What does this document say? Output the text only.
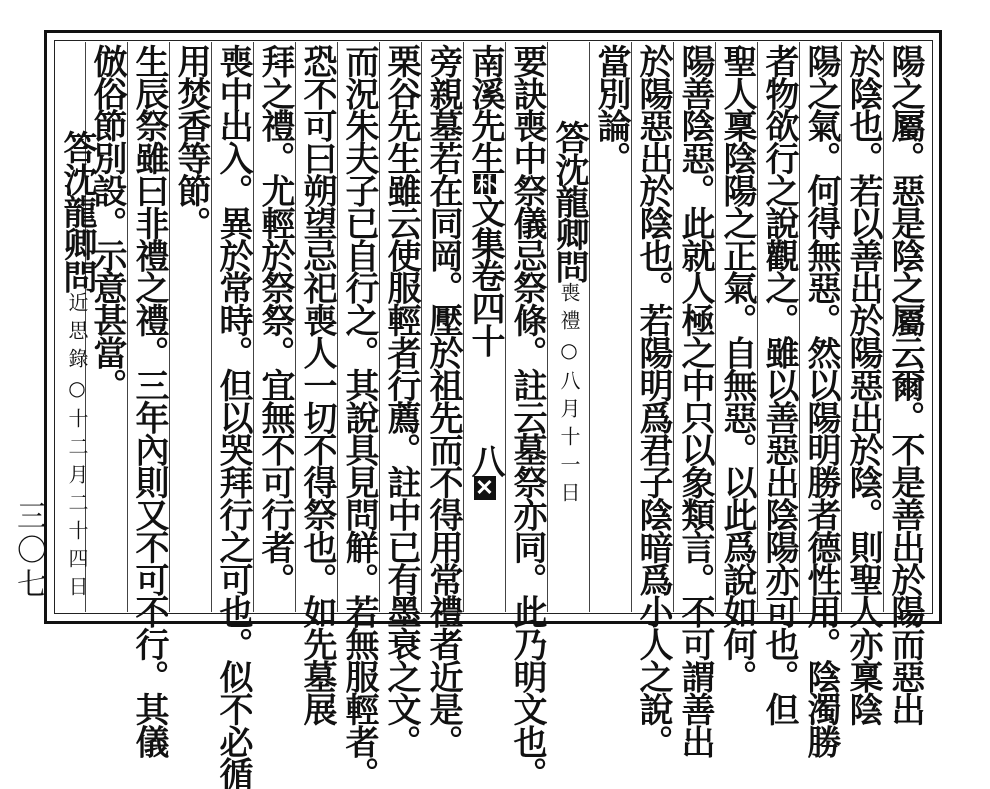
三〇七	陽之屬。惡是陰之屬云爾。不是善出於陽而惡出
於陰也。若以善出於陽惡出於陰。則聖人亦稟陰
陽之氣。何得無惡。然以陽明勝者德性用。陰濁勝
者物欲行之說觀之。雖以善惡出陰陽亦可也。但
聖人稟陰陽之正氣。自無惡。以此爲說如何。
陽善陰惡。此就人極之中只以象類言。不可謂善出
於陽惡出於陰也。若陽明爲君子陰暗爲小人之說。
當別論。
答沈龍卿問喪禮○八月十一日
要訣喪中祭儀忌祭條。註云墓祭亦同。此乃明文也。
南溪先生朴文集卷四十八✕
旁親墓若在同岡。壓於祖先而不得用常禮者近是。
栗谷先生雖云使服輕者行薦。註中已有墨衰之文。
而況朱夫子已自行之。其說具見問觧。若無服輕者。
恐不可曰朔望忌祀喪人一切不得祭也。如先墓展
拜之禮。尤輕於祭祭。宜無不可行者。
喪中出入。異於常時。但以哭拜行之可也。似不必循
用焚香等節。
生辰祭雖曰非禮之禮。三年內則又不可不行。其儀
倣俗節別設。示意甚當。
答沈龍卿問近思錄○十二月二十四日
